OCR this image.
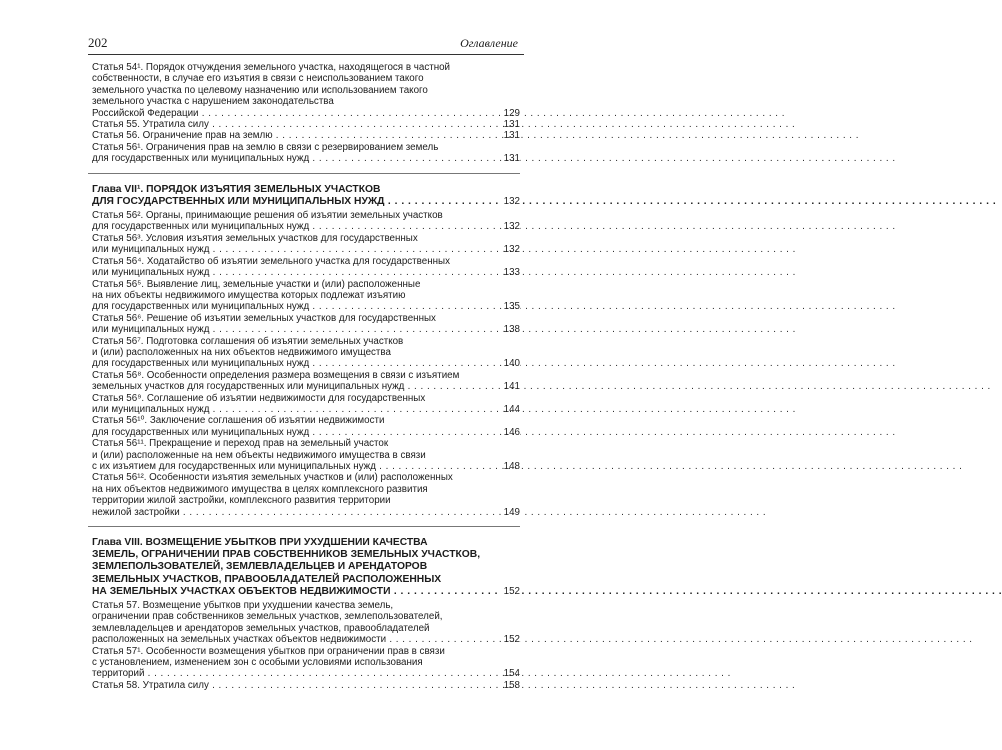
202	Оглавление
Статья 54¹. Порядок отчуждения земельного участка, находящегося в частной
собственности, в случае его изъятия в связи с неиспользованием такого
земельного участка по целевому назначению или использованием такого
земельного участка с нарушением законодательства
Российской Федерации . . .	129
Статья 55. Утратила силу . . .	131
Статья 56. Ограничение прав на землю . . .	131
Статья 56¹. Ограничения прав на землю в связи с резервированием земель
для государственных или муниципальных нужд . . .	131
Глава VII¹. ПОРЯДОК ИЗЪЯТИЯ ЗЕМЕЛЬНЫХ УЧАСТКОВ
ДЛЯ ГОСУДАРСТВЕННЫХ ИЛИ МУНИЦИПАЛЬНЫХ НУЖД . . .	132
Статья 56². Органы, принимающие решения об изъятии земельных участков
для государственных или муниципальных нужд . . .	132
Статья 56³. Условия изъятия земельных участков для государственных
или муниципальных нужд . . .	132
Статья 56⁴. Ходатайство об изъятии земельного участка для государственных
или муниципальных нужд . . .	133
Статья 56⁵. Выявление лиц, земельные участки и (или) расположенные
на них объекты недвижимого имущества которых подлежат изъятию
для государственных или муниципальных нужд . . .	135
Статья 56⁶. Решение об изъятии земельных участков для государственных
или муниципальных нужд . . .	138
Статья 56⁷. Подготовка соглашения об изъятии земельных участков
и (или) расположенных на них объектов недвижимого имущества
для государственных или муниципальных нужд . . .	140
Статья 56⁸. Особенности определения размера возмещения в связи с изъятием
земельных участков для государственных или муниципальных нужд . . .	141
Статья 56⁹. Соглашение об изъятии недвижимости для государственных
или муниципальных нужд . . .	144
Статья 56¹⁰. Заключение соглашения об изъятии недвижимости
для государственных или муниципальных нужд . . .	146
Статья 56¹¹. Прекращение и переход прав на земельный участок
и (или) расположенные на нем объекты недвижимого имущества в связи
с их изъятием для государственных или муниципальных нужд . . .	148
Статья 56¹². Особенности изъятия земельных участков и (или) расположенных
на них объектов недвижимого имущества в целях комплексного развития
территории жилой застройки, комплексного развития территории
нежилой застройки . . .	149
Глава VIII. ВОЗМЕЩЕНИЕ УБЫТКОВ ПРИ УХУДШЕНИИ КАЧЕСТВА
ЗЕМЕЛЬ, ОГРАНИЧЕНИИ ПРАВ СОБСТВЕННИКОВ ЗЕМЕЛЬНЫХ УЧАСТКОВ,
ЗЕМЛЕПОЛЬЗОВАТЕЛЕЙ, ЗЕМЛЕВЛАДЕЛЬЦЕВ И АРЕНДАТОРОВ
ЗЕМЕЛЬНЫХ УЧАСТКОВ, ПРАВООБЛАДАТЕЛЕЙ РАСПОЛОЖЕННЫХ
НА ЗЕМЕЛЬНЫХ УЧАСТКАХ ОБЪЕКТОВ НЕДВИЖИМОСТИ . . .	152
Статья 57. Возмещение убытков при ухудшении качества земель,
ограничении прав собственников земельных участков, землепользователей,
землевладельцев и арендаторов земельных участков, правообладателей
расположенных на земельных участках объектов недвижимости . . .	152
Статья 57¹. Особенности возмещения убытков при ограничении прав в связи
с установлением, изменением зон с особыми условиями использования
территорий . . .	154
Статья 58. Утратила силу . . .	158
